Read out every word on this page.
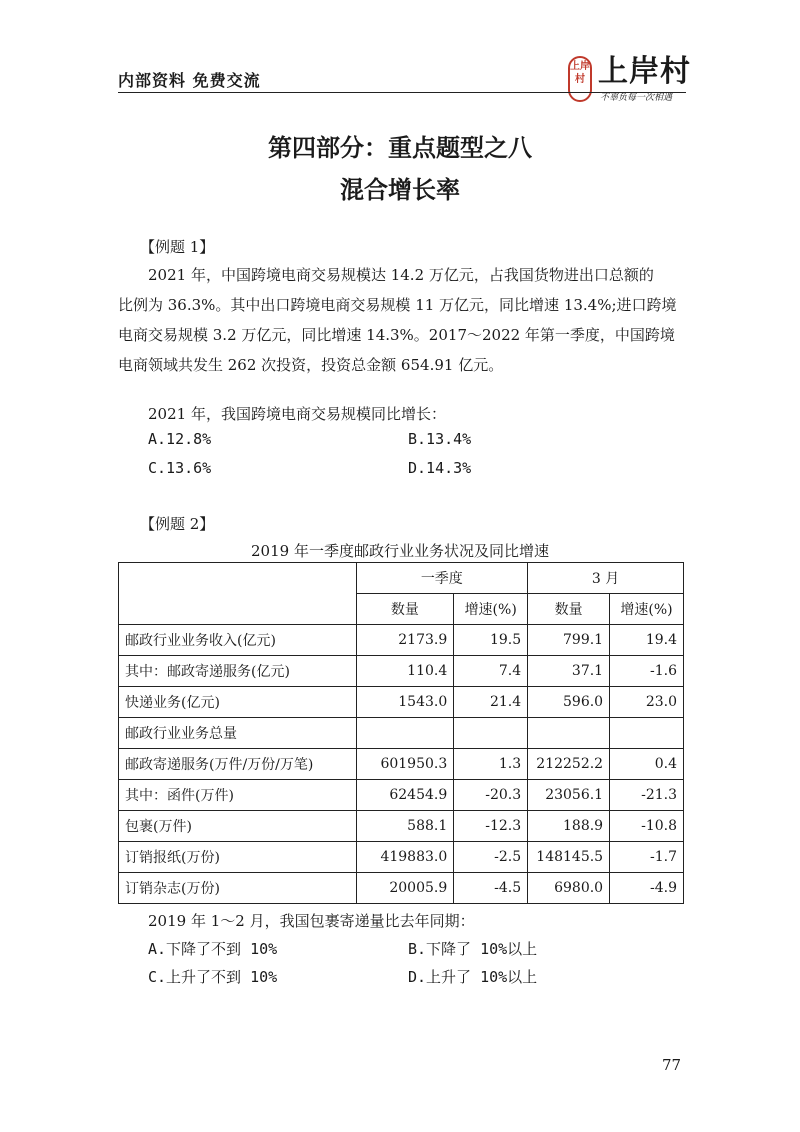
内部资料 免费交流
上岸村 上岸村
不辜负每一次相遇
第四部分：重点题型之八
混合增长率
【例题 1】
2021 年，中国跨境电商交易规模达 14.2 万亿元，占我国货物进出口总额的
比例为 36.3%。其中出口跨境电商交易规模 11 万亿元，同比增速 13.4%;进口跨境
电商交易规模 3.2 万亿元，同比增速 14.3%。2017～2022 年第一季度，中国跨境
电商领域共发生 262 次投资，投资总金额 654.91 亿元。
2021 年，我国跨境电商交易规模同比增长：
A.12.8%	B.13.4%
C.13.6%	D.14.3%
【例题 2】
2019 年一季度邮政行业业务状况及同比增速
	一季度		3 月	
	数量	增速(%)	数量	增速(%)
邮政行业业务收入(亿元)	2173.9	19.5	799.1	19.4
其中：邮政寄递服务(亿元)	110.4	7.4	37.1	-1.6
快递业务(亿元)	1543.0	21.4	596.0	23.0
邮政行业业务总量				
邮政寄递服务(万件/万份/万笔)	601950.3	1.3	212252.2	0.4
其中：函件(万件)	62454.9	-20.3	23056.1	-21.3
包裹(万件)	588.1	-12.3	188.9	-10.8
订销报纸(万份)	419883.0	-2.5	148145.5	-1.7
订销杂志(万份)	20005.9	-4.5	6980.0	-4.9
2019 年 1～2 月，我国包裹寄递量比去年同期：
A.下降了不到 10%	B.下降了 10%以上
C.上升了不到 10%	D.上升了 10%以上
77
